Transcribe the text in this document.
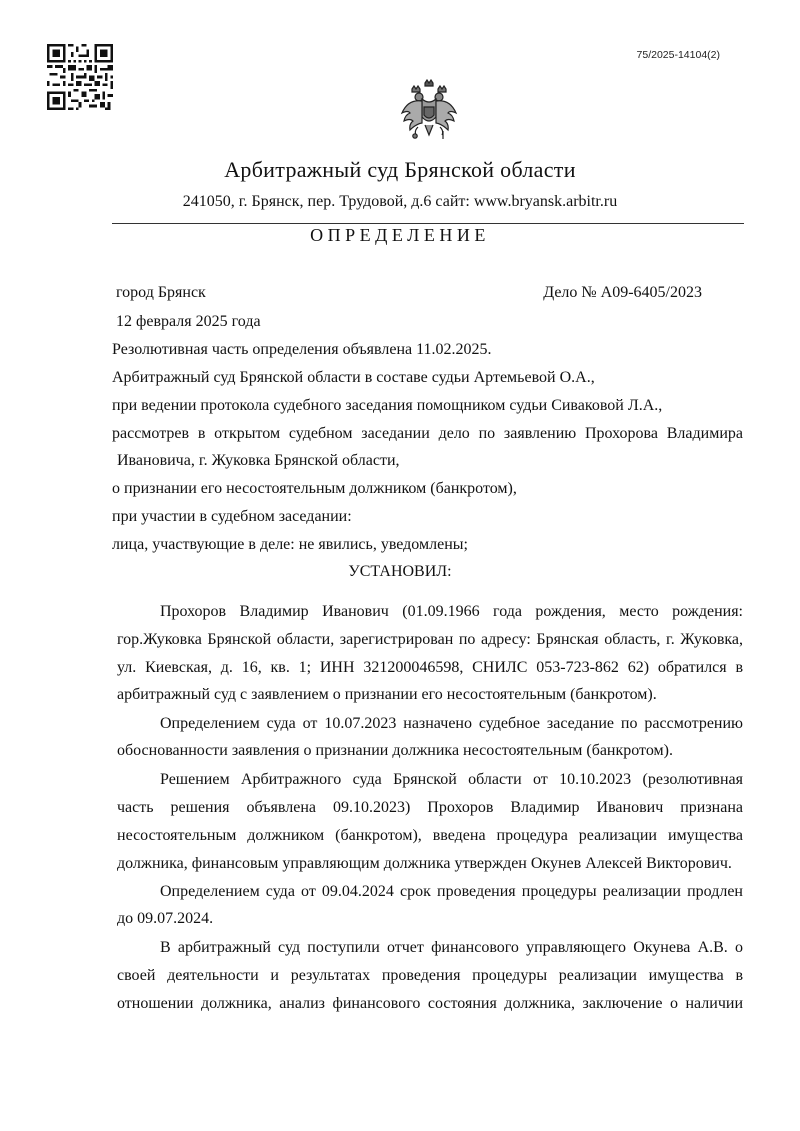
75/2025-14104(2)
Арбитражный суд Брянской области
241050, г. Брянск, пер. Трудовой, д.6 сайт: www.bryansk.arbitr.ru
ОПРЕДЕЛЕНИЕ
город Брянск	Дело № А09-6405/2023
12 февраля 2025 года
Резолютивная часть определения объявлена 11.02.2025.
Арбитражный суд Брянской области в составе судьи Артемьевой О.А.,
при ведении протокола судебного заседания помощником судьи Сиваковой Л.А.,
рассмотрев в открытом судебном заседании дело по заявлению Прохорова Владимира
Ивановича, г. Жуковка Брянской области,
о признании его несостоятельным должником (банкротом),
при участии в судебном заседании:
лица, участвующие в деле: не явились, уведомлены;
УСТАНОВИЛ:
Прохоров Владимир Иванович (01.09.1966 года рождения, место рождения:
гор.Жуковка Брянской области, зарегистрирован по адресу: Брянская область, г. Жуковка,
ул. Киевская, д. 16, кв. 1; ИНН 321200046598, СНИЛС 053-723-862 62) обратился в
арбитражный суд с заявлением о признании его несостоятельным (банкротом).
Определением суда от 10.07.2023 назначено судебное заседание по рассмотрению
обоснованности заявления о признании должника несостоятельным (банкротом).
Решением Арбитражного суда Брянской области от 10.10.2023 (резолютивная
часть решения объявлена 09.10.2023) Прохоров Владимир Иванович признана
несостоятельным должником (банкротом), введена процедура реализации имущества
должника, финансовым управляющим должника утвержден Окунев Алексей Викторович.
Определением суда от 09.04.2024 срок проведения процедуры реализации продлен
до 09.07.2024.
В арбитражный суд поступили отчет финансового управляющего Окунева А.В. о
своей деятельности и результатах проведения процедуры реализации имущества в
отношении должника, анализ финансового состояния должника, заключение о наличии
